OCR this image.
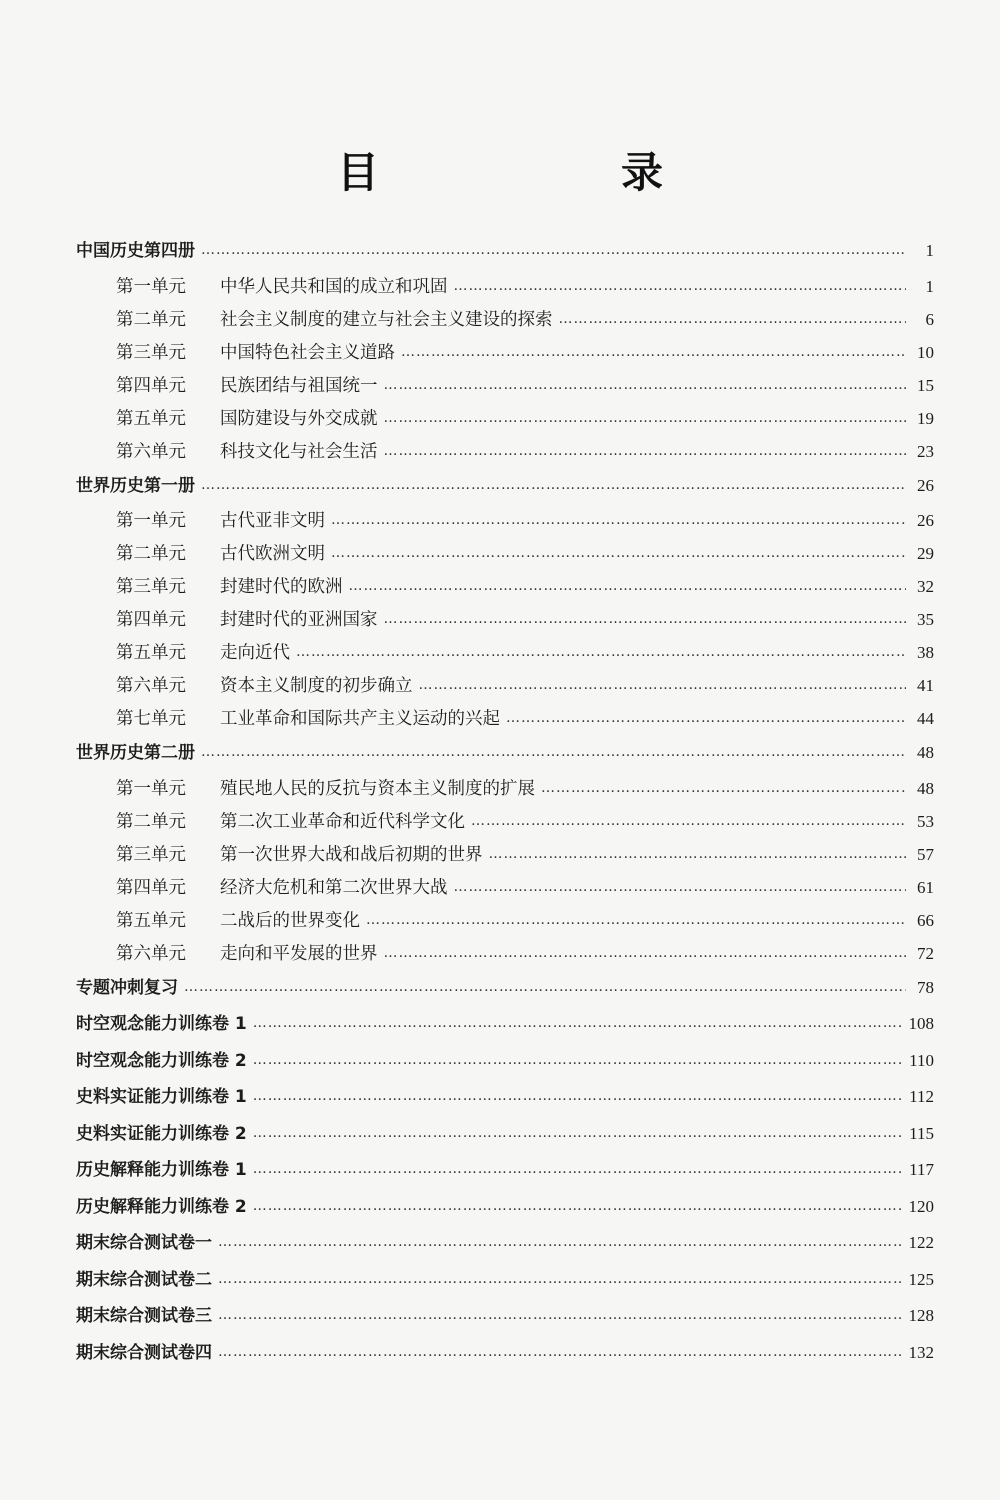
目　录
中国历史第四册 …………………………………………………………………………………………………………………………………………………………………………………………………………………	1
第一单元	中华人民共和国的成立和巩固 …………………………………………………………………………………………………………………………………………………………………………………………………………………	1
第二单元	社会主义制度的建立与社会主义建设的探索 …………………………………………………………………………………………………………………………………………………………………………………………………………………	6
第三单元	中国特色社会主义道路 …………………………………………………………………………………………………………………………………………………………………………………………………………………	10
第四单元	民族团结与祖国统一 …………………………………………………………………………………………………………………………………………………………………………………………………………………	15
第五单元	国防建设与外交成就 …………………………………………………………………………………………………………………………………………………………………………………………………………………	19
第六单元	科技文化与社会生活 …………………………………………………………………………………………………………………………………………………………………………………………………………………	23
世界历史第一册 …………………………………………………………………………………………………………………………………………………………………………………………………………………	26
第一单元	古代亚非文明 …………………………………………………………………………………………………………………………………………………………………………………………………………………	26
第二单元	古代欧洲文明 …………………………………………………………………………………………………………………………………………………………………………………………………………………	29
第三单元	封建时代的欧洲 …………………………………………………………………………………………………………………………………………………………………………………………………………………	32
第四单元	封建时代的亚洲国家 …………………………………………………………………………………………………………………………………………………………………………………………………………………	35
第五单元	走向近代 …………………………………………………………………………………………………………………………………………………………………………………………………………………	38
第六单元	资本主义制度的初步确立 …………………………………………………………………………………………………………………………………………………………………………………………………………………	41
第七单元	工业革命和国际共产主义运动的兴起 …………………………………………………………………………………………………………………………………………………………………………………………………………………	44
世界历史第二册 …………………………………………………………………………………………………………………………………………………………………………………………………………………	48
第一单元	殖民地人民的反抗与资本主义制度的扩展 …………………………………………………………………………………………………………………………………………………………………………………………………………………	48
第二单元	第二次工业革命和近代科学文化 …………………………………………………………………………………………………………………………………………………………………………………………………………………	53
第三单元	第一次世界大战和战后初期的世界 …………………………………………………………………………………………………………………………………………………………………………………………………………………	57
第四单元	经济大危机和第二次世界大战 …………………………………………………………………………………………………………………………………………………………………………………………………………………	61
第五单元	二战后的世界变化 …………………………………………………………………………………………………………………………………………………………………………………………………………………	66
第六单元	走向和平发展的世界 …………………………………………………………………………………………………………………………………………………………………………………………………………………	72
专题冲刺复习 …………………………………………………………………………………………………………………………………………………………………………………………………………………	78
时空观念能力训练卷 1 …………………………………………………………………………………………………………………………………………………………………………………………………………………	108
时空观念能力训练卷 2 …………………………………………………………………………………………………………………………………………………………………………………………………………………	110
史料实证能力训练卷 1 …………………………………………………………………………………………………………………………………………………………………………………………………………………	112
史料实证能力训练卷 2 …………………………………………………………………………………………………………………………………………………………………………………………………………………	115
历史解释能力训练卷 1 …………………………………………………………………………………………………………………………………………………………………………………………………………………	117
历史解释能力训练卷 2 …………………………………………………………………………………………………………………………………………………………………………………………………………………	120
期末综合测试卷一 …………………………………………………………………………………………………………………………………………………………………………………………………………………	122
期末综合测试卷二 …………………………………………………………………………………………………………………………………………………………………………………………………………………	125
期末综合测试卷三 …………………………………………………………………………………………………………………………………………………………………………………………………………………	128
期末综合测试卷四 …………………………………………………………………………………………………………………………………………………………………………………………………………………	132
